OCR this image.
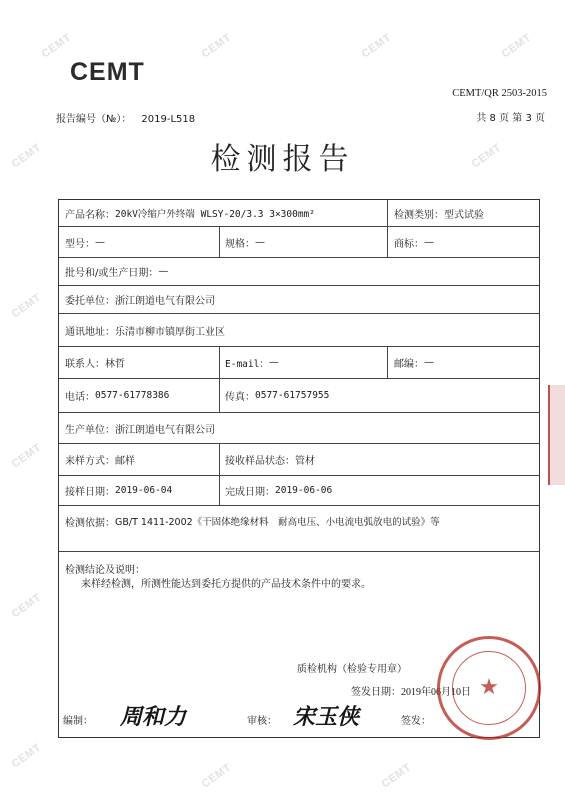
CEMT	CEMT	CEMT	CEMT
CEMT	CEMT
CEMT
CEMT
CEMT
CEMT
CEMT	CEMT
CEMT
CEMT/QR 2503-2015
报告编号（№）： 2019-L518	共 8 页 第 3 页
检测报告
产品名称： 20kV冷缩户外终端 WLSY-20/3.3 3×300mm²	检测类别： 型式试验
型号： —	规格： —	商标： —
批号和/或生产日期： —
委托单位： 浙江朗道电气有限公司
通讯地址： 乐清市柳市镇厚街工业区
联系人： 林哲	E-mail： —	邮编： —
电话： 0577-61778386	传真： 0577-61757955
生产单位： 浙江朗道电气有限公司
来样方式： 邮样	接收样品状态： 管材
接样日期： 2019-06-04	完成日期： 2019-06-06
检测依据： GB/T 1411-2002《干固体绝缘材料　耐高电压、小电流电弧放电的试验》等
检测结论及说明：
来样经检测，所测性能达到委托方提供的产品技术条件中的要求。
质检机构（检验专用章）
签发日期：2019年06月10日
编制：	审核：	签发：
周和力	宋玉侠
★
